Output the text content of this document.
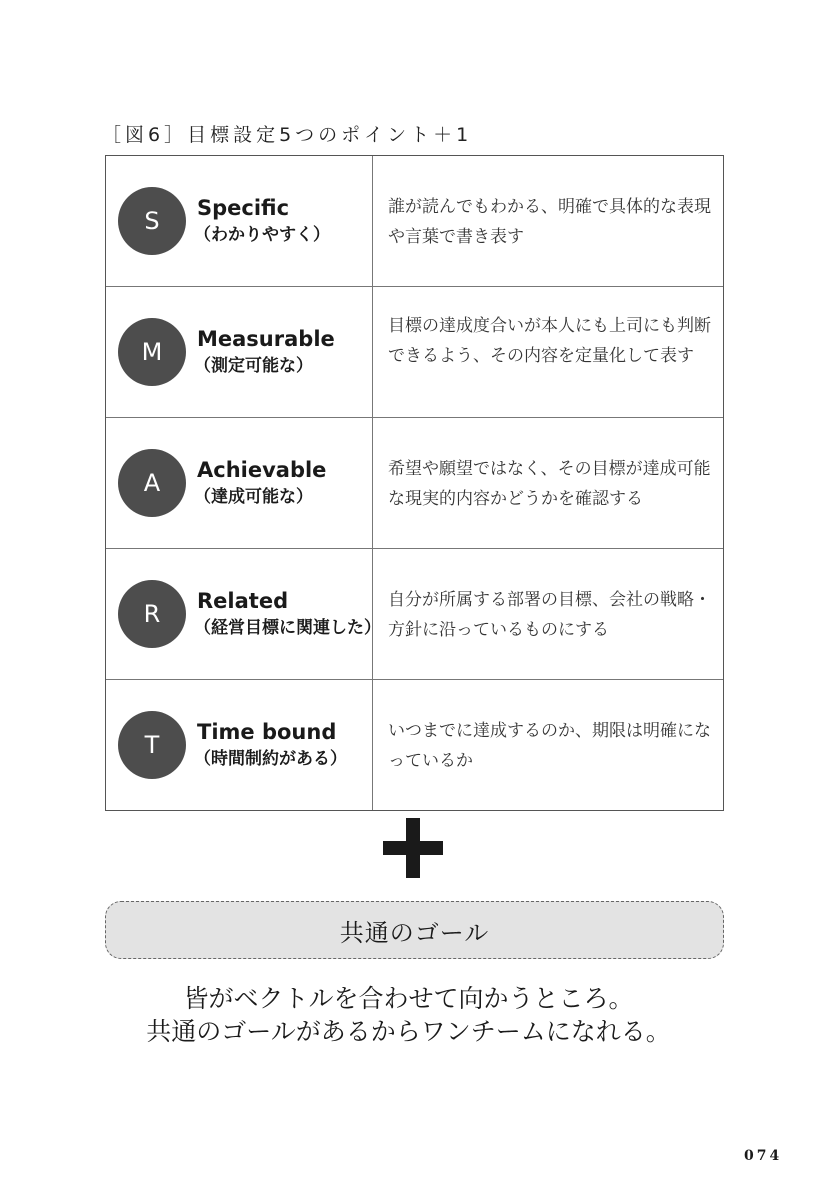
［図6］目標設定5つのポイント＋1
S	Specific
（わかりやすく）
誰が読んでもわかる、明確で具体的な表現や言葉で書き表す
M	Measurable
（測定可能な）
目標の達成度合いが本人にも上司にも判断できるよう、その内容を定量化して表す
A	Achievable
（達成可能な）
希望や願望ではなく、その目標が達成可能な現実的内容かどうかを確認する
R	Related
（経営目標に関連した）
自分が所属する部署の目標、会社の戦略・方針に沿っているものにする
T	Time bound
（時間制約がある）
いつまでに達成するのか、期限は明確になっているか
共通のゴール
皆がベクトルを合わせて向かうところ。
共通のゴールがあるからワンチームになれる。
074
